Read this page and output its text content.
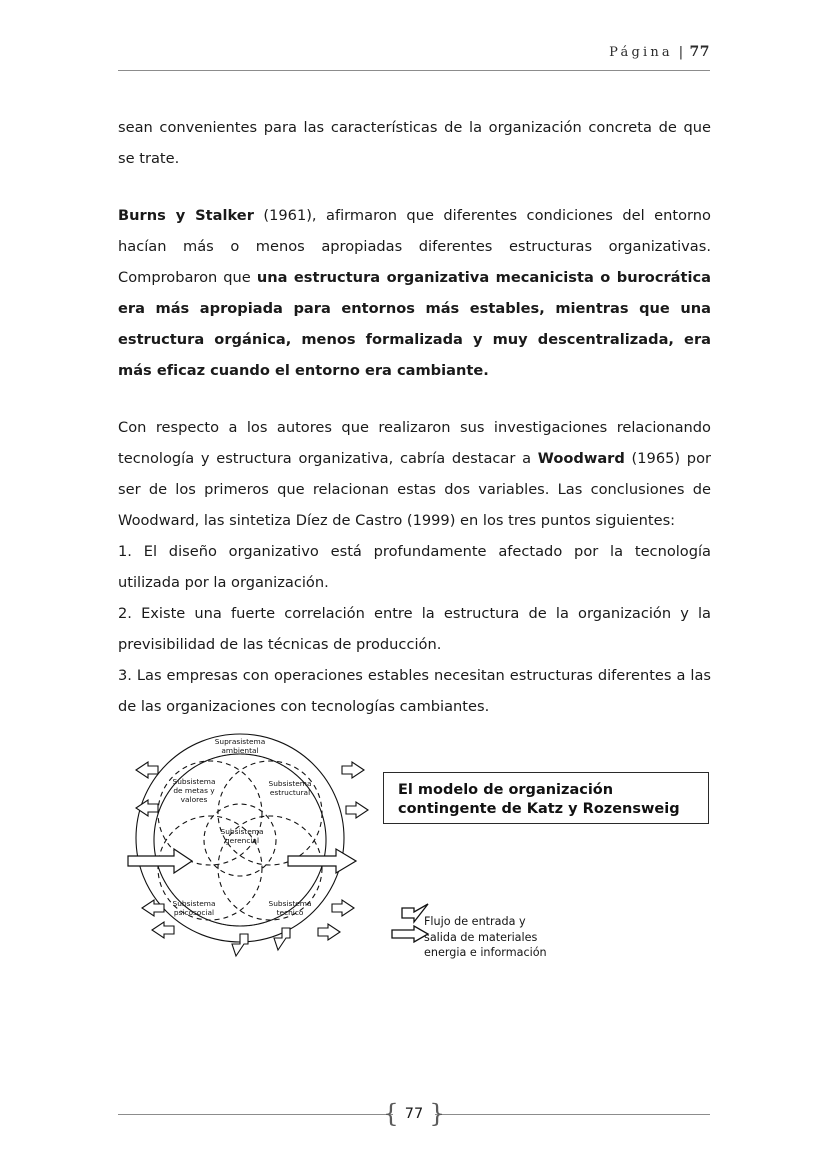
Página | 77

sean convenientes para las características de la organización concreta de que se trate.

Burns y Stalker (1961), afirmaron que diferentes condiciones del entorno hacían más o menos apropiadas diferentes estructuras organizativas. Comprobaron que una estructura organizativa mecanicista o burocrática era más apropiada para entornos más estables, mientras que una estructura orgánica, menos formalizada y muy descentralizada, era más eficaz cuando el entorno era cambiante.

Con respecto a los autores que realizaron sus investigaciones relacionando tecnología y estructura organizativa, cabría destacar a Woodward (1965) por ser de los primeros que relacionan estas dos variables. Las conclusiones de Woodward, las sintetiza Díez de Castro (1999) en los tres puntos siguientes:

1. El diseño organizativo está profundamente afectado por la tecnología utilizada por la organización.

2. Existe una fuerte correlación entre la estructura de la organización y la previsibilidad de las técnicas de producción.

3. Las empresas con operaciones estables necesitan estructuras diferentes a las de las organizaciones con tecnologías cambiantes.

Suprasistema
ambiental
Subsistema
de metas y
valores
Subsistema
estructural
Subsistema
gerencial
Subsistema
psicosocial
Subsistema
tecnico
El modelo de organización
contingente de Katz y Rozensweig
Flujo de entrada y
salida de materiales
energia e información
{ 77 }
